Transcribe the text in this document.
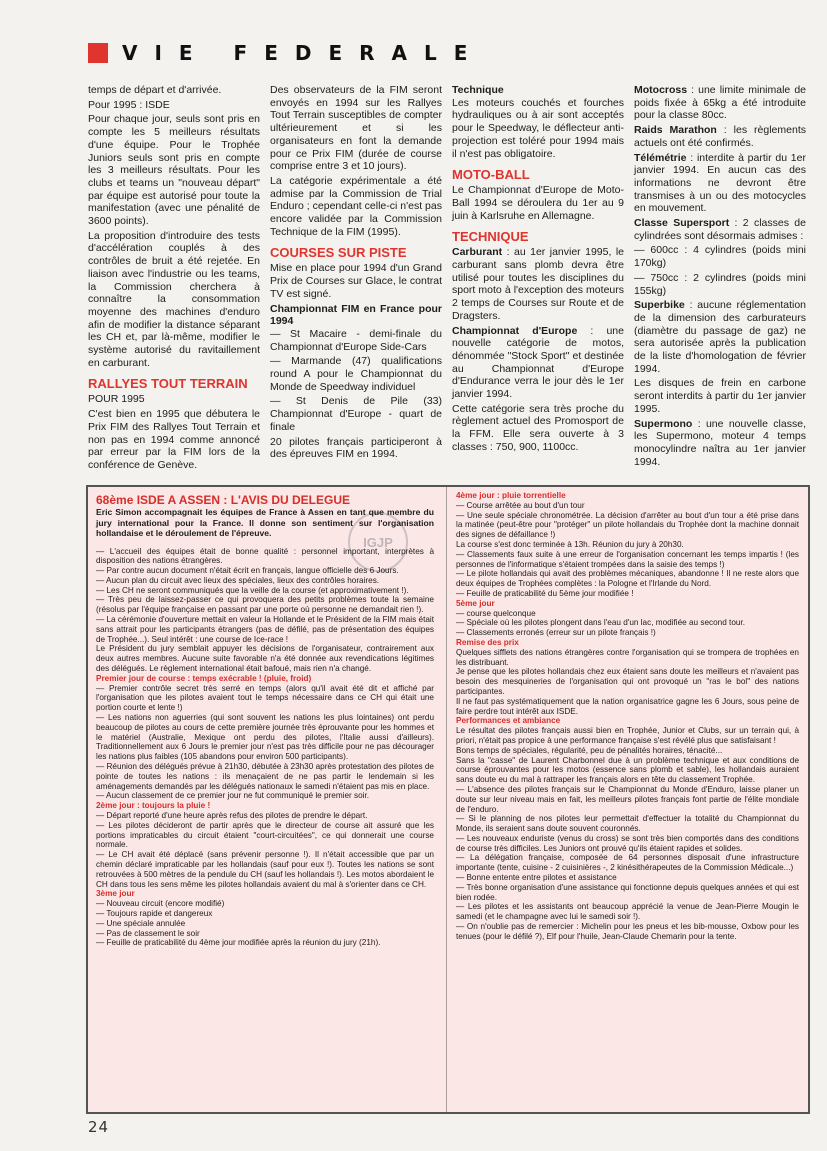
VIE FEDERALE

temps de départ et d'arrivée.

Pour 1995 : ISDE

Pour chaque jour, seuls sont pris en compte les 5 meilleurs résultats d'une équipe. Pour le Trophée Juniors seuls sont pris en compte les 3 meilleurs résultats. Pour les clubs et teams un "nouveau départ" par équipe est autorisé pour toute la manifestation (avec une pénalité de 3600 points).

La proposition d'introduire des tests d'accélération couplés à des contrôles de bruit a été rejetée. En liaison avec l'industrie ou les teams, la Commission cherchera à connaître la consommation moyenne des machines d'enduro afin de modifier la distance séparant les CH et, par là-même, modifier le système autorisé du ravitaillement en carburant.

RALLYES TOUT TERRAIN

POUR 1995

C'est bien en 1995 que débutera le Prix FIM des Rallyes Tout Terrain et non pas en 1994 comme annoncé par erreur par la FIM lors de la conférence de Genève.

Des observateurs de la FIM seront envoyés en 1994 sur les Rallyes Tout Terrain susceptibles de compter ultérieurement et si les organisateurs en font la demande pour ce Prix FIM (durée de course comprise entre 3 et 10 jours).

La catégorie expérimentale a été admise par la Commission de Trial Enduro ; cependant celle-ci n'est pas encore validée par la Commission Technique de la FIM (1995).

COURSES SUR PISTE

Mise en place pour 1994 d'un Grand Prix de Courses sur Glace, le contrat TV est signé.

Championnat FIM en France pour 1994

— St Macaire - demi-finale du Championnat d'Europe Side-Cars

— Marmande (47) qualifications round A pour le Championnat du Monde de Speedway individuel

— St Denis de Pile (33) Championnat d'Europe - quart de finale

20 pilotes français participeront à des épreuves FIM en 1994.

Technique

Les moteurs couchés et fourches hydrauliques ou à air sont acceptés pour le Speedway, le déflecteur anti-projection est toléré pour 1994 mais il n'est pas obligatoire.

MOTO-BALL

Le Championnat d'Europe de Moto-Ball 1994 se déroulera du 1er au 9 juin à Karlsruhe en Allemagne.

TECHNIQUE

Carburant : au 1er janvier 1995, le carburant sans plomb devra être utilisé pour toutes les disciplines du sport moto à l'exception des moteurs 2 temps de Courses sur Route et de Dragsters.

Championnat d'Europe : une nouvelle catégorie de motos, dénommée "Stock Sport" et destinée au Championnat d'Europe d'Endurance verra le jour dès le 1er janvier 1994.

Cette catégorie sera très proche du règlement actuel des Promosport de la FFM. Elle sera ouverte à 3 classes : 750, 900, 1100cc.

Motocross : une limite minimale de poids fixée à 65kg a été introduite pour la classe 80cc.

Raids Marathon : les règlements actuels ont été confirmés.

Télémétrie : interdite à partir du 1er janvier 1994. En aucun cas des informations ne devront être transmises à un ou des motocycles en mouvement.

Classe Supersport : 2 classes de cylindrées sont désormais admises :

— 600cc : 4 cylindres (poids mini 170kg)

— 750cc : 2 cylindres (poids mini 155kg)

Superbike : aucune réglementation de la dimension des carburateurs (diamètre du passage de gaz) ne sera autorisée après la publication de la liste d'homologation de février 1994.

Les disques de frein en carbone seront interdits à partir du 1er janvier 1995.

Supermono : une nouvelle classe, les Supermono, moteur 4 temps monocylindre naîtra au 1er janvier 1994.

IGJP

68ème ISDE A ASSEN : L'AVIS DU DELEGUE

Eric Simon accompagnait les équipes de France à Assen en tant que membre du jury international pour la France. Il donne son sentiment sur l'organisation hollandaise et le déroulement de l'épreuve.

— L'accueil des équipes était de bonne qualité : personnel important, interprètes à disposition des nations étrangères.

— Par contre aucun document n'était écrit en français, langue officielle des 6 Jours.

— Aucun plan du circuit avec lieux des spéciales, lieux des contrôles horaires.

— Les CH ne seront communiqués que la veille de la course (et approximativement !).

— Très peu de laissez-passer ce qui provoquera des petits problèmes toute la semaine (résolus par l'équipe française en passant par une porte où personne ne demandait rien !).

— La cérémonie d'ouverture mettait en valeur la Hollande et le Président de la FIM mais était sans attrait pour les participants étrangers (pas de défilé, pas de présentation des équipes de Trophée...). Seul intérêt : une course de Ice-race !

Le Président du jury semblait appuyer les décisions de l'organisateur, contrairement aux deux autres membres. Aucune suite favorable n'a été donnée aux revendications légitimes des délégués. Le règlement international était bafoué, mais rien n'a changé.

Premier jour de course : temps exécrable ! (pluie, froid)

— Premier contrôle secret très serré en temps (alors qu'il avait été dit et affiché par l'organisation que les pilotes avaient tout le temps nécessaire dans ce CH qui était une portion courte et lente !)

— Les nations non aguerries (qui sont souvent les nations les plus lointaines) ont perdu beaucoup de pilotes au cours de cette première journée très éprouvante pour les hommes et le matériel (Australie, Mexique ont perdu des pilotes, l'Italie aussi d'ailleurs). Traditionnellement aux 6 Jours le premier jour n'est pas très difficile pour ne pas décourager les nations plus faibles (105 abandons pour environ 500 participants).

— Réunion des délégués prévue à 21h30, débutée à 23h30 après protestation des pilotes de pointe de toutes les nations : ils menaçaient de ne pas partir le lendemain si les aménagements demandés par les délégués nationaux le samedi n'étaient pas mis en place.

— Aucun classement de ce premier jour ne fut communiqué le premier soir.

2ème jour : toujours la pluie !

— Départ reporté d'une heure après refus des pilotes de prendre le départ.

— Les pilotes décideront de partir après que le directeur de course ait assuré que les portions impraticables du circuit étaient "court-circuitées", ce qui donnerait une course normale.

— Le CH avait été déplacé (sans prévenir personne !). Il n'était accessible que par un chemin déclaré impraticable par les hollandais (sauf pour eux !). Toutes les nations se sont retrouvées à 500 mètres de la pendule du CH (sauf les hollandais !). Les motos abordaient le CH dans tous les sens même les pilotes hollandais avaient du mal à s'orienter dans ce CH.

3ème jour

— Nouveau circuit (encore modifié)

— Toujours rapide et dangereux

— Une spéciale annulée

— Pas de classement le soir

— Feuille de praticabilité du 4ème jour modifiée après la réunion du jury (21h).

4ème jour : pluie torrentielle

— Course arrêtée au bout d'un tour

— Une seule spéciale chronométrée. La décision d'arrêter au bout d'un tour a été prise dans la matinée (peut-être pour "protéger" un pilote hollandais du Trophée dont la machine donnait des signes de défaillance !)

La course s'est donc terminée à 13h. Réunion du jury à 20h30.

— Classements faux suite à une erreur de l'organisation concernant les temps impartis ! (les personnes de l'informatique s'étaient trompées dans la saisie des temps !)

— Le pilote hollandais qui avait des problèmes mécaniques, abandonne ! Il ne reste alors que deux équipes de Trophées complètes : la Pologne et l'Irlande du Nord.

— Feuille de praticabilité du 5ème jour modifiée !

5ème jour

— course quelconque

— Spéciale où les pilotes plongent dans l'eau d'un lac, modifiée au second tour.

— Classements erronés (erreur sur un pilote français !)

Remise des prix

Quelques sifflets des nations étrangères contre l'organisation qui se trompera de trophées en les distribuant.

Je pense que les pilotes hollandais chez eux étaient sans doute les meilleurs et n'avaient pas besoin des mesquineries de l'organisation qui ont provoqué un "ras le bol" des nations participantes.

Il ne faut pas systématiquement que la nation organisatrice gagne les 6 Jours, sous peine de faire perdre tout intérêt aux ISDE.

Performances et ambiance

Le résultat des pilotes français aussi bien en Trophée, Junior et Clubs, sur un terrain qui, à priori, n'était pas propice à une performance française s'est révélé plus que satisfaisant !

Bons temps de spéciales, régularité, peu de pénalités horaires, ténacité...

Sans la "casse" de Laurent Charbonnel due à un problème technique et aux conditions de course éprouvantes pour les motos (essence sans plomb et sable), les hollandais auraient sans doute eu du mal à rattraper les français alors en tête du classement Trophée.

— L'absence des pilotes français sur le Championnat du Monde d'Enduro, laisse planer un doute sur leur niveau mais en fait, les meilleurs pilotes français font partie de l'élite mondiale de l'enduro.

— Si le planning de nos pilotes leur permettait d'effectuer la totalité du Championnat du Monde, ils seraient sans doute souvent couronnés.

— Les nouveaux enduriste (venus du cross) se sont très bien comportés dans des conditions de course très difficiles. Les Juniors ont prouvé qu'ils étaient rapides et solides.

— La délégation française, composée de 64 personnes disposait d'une infrastructure importante (tente, cuisine - 2 cuisinières -, 2 kinésithérapeutes de la Commission Médicale...)

— Bonne entente entre pilotes et assistance

— Très bonne organisation d'une assistance qui fonctionne depuis quelques années et qui est bien rodée.

— Les pilotes et les assistants ont beaucoup apprécié la venue de Jean-Pierre Mougin le samedi (et le champagne avec lui le samedi soir !).

— On n'oublie pas de remercier : Michelin pour les pneus et les bib-mousse, Oxbow pour les tenues (pour le défilé ?), Elf pour l'huile, Jean-Claude Chemarin pour la tente.

24
